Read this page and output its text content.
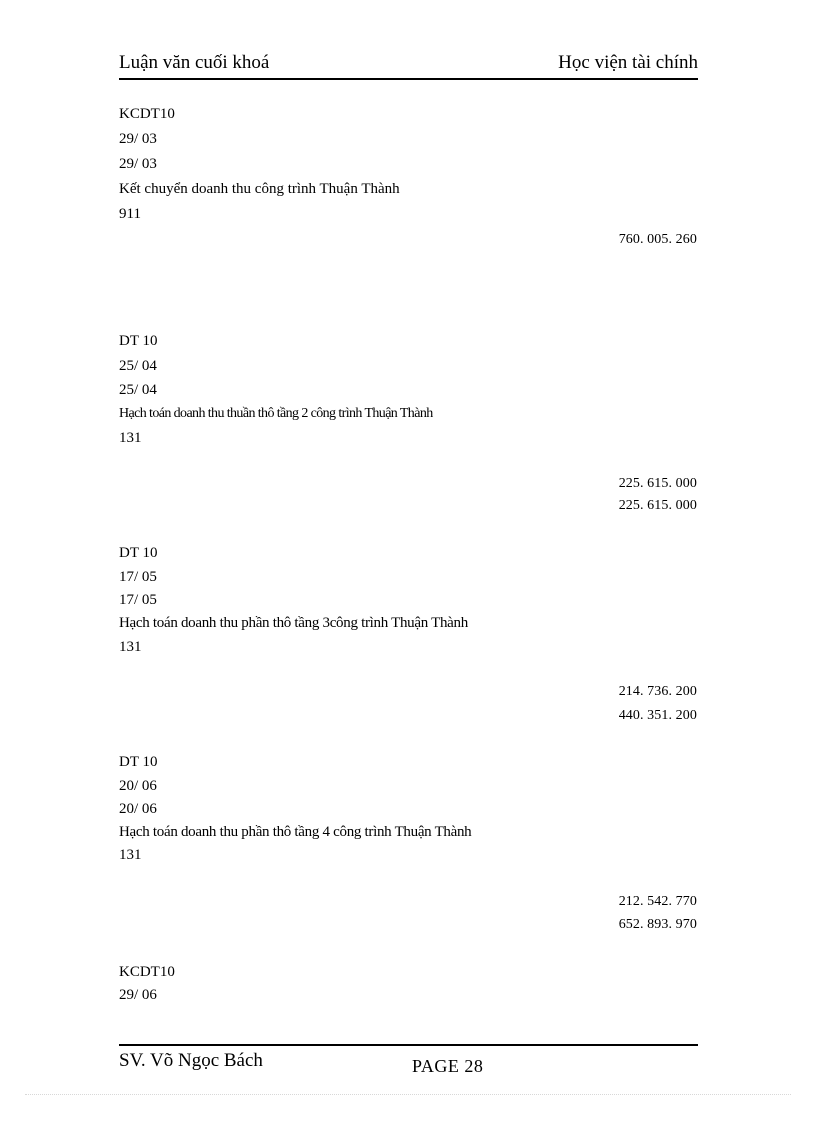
Luận văn cuối khoá	Học viện tài chính
KCDT10
29/ 03
29/ 03
Kết chuyển doanh thu công trình Thuận Thành
911
760. 005. 260
DT 10
25/ 04
25/ 04
Hạch toán doanh thu thuần thô tầng 2 công trình Thuận Thành
131
225. 615. 000
225. 615. 000
DT 10
17/ 05
17/ 05
Hạch toán doanh thu phần thô tầng 3công trình Thuận Thành
131
214. 736. 200
440. 351. 200
DT 10
20/ 06
20/ 06
Hạch toán doanh thu phần thô tầng 4 công trình Thuận Thành
131
212. 542. 770
652. 893. 970
KCDT10
29/ 06
SV. Võ Ngọc Bách	PAGE 28
